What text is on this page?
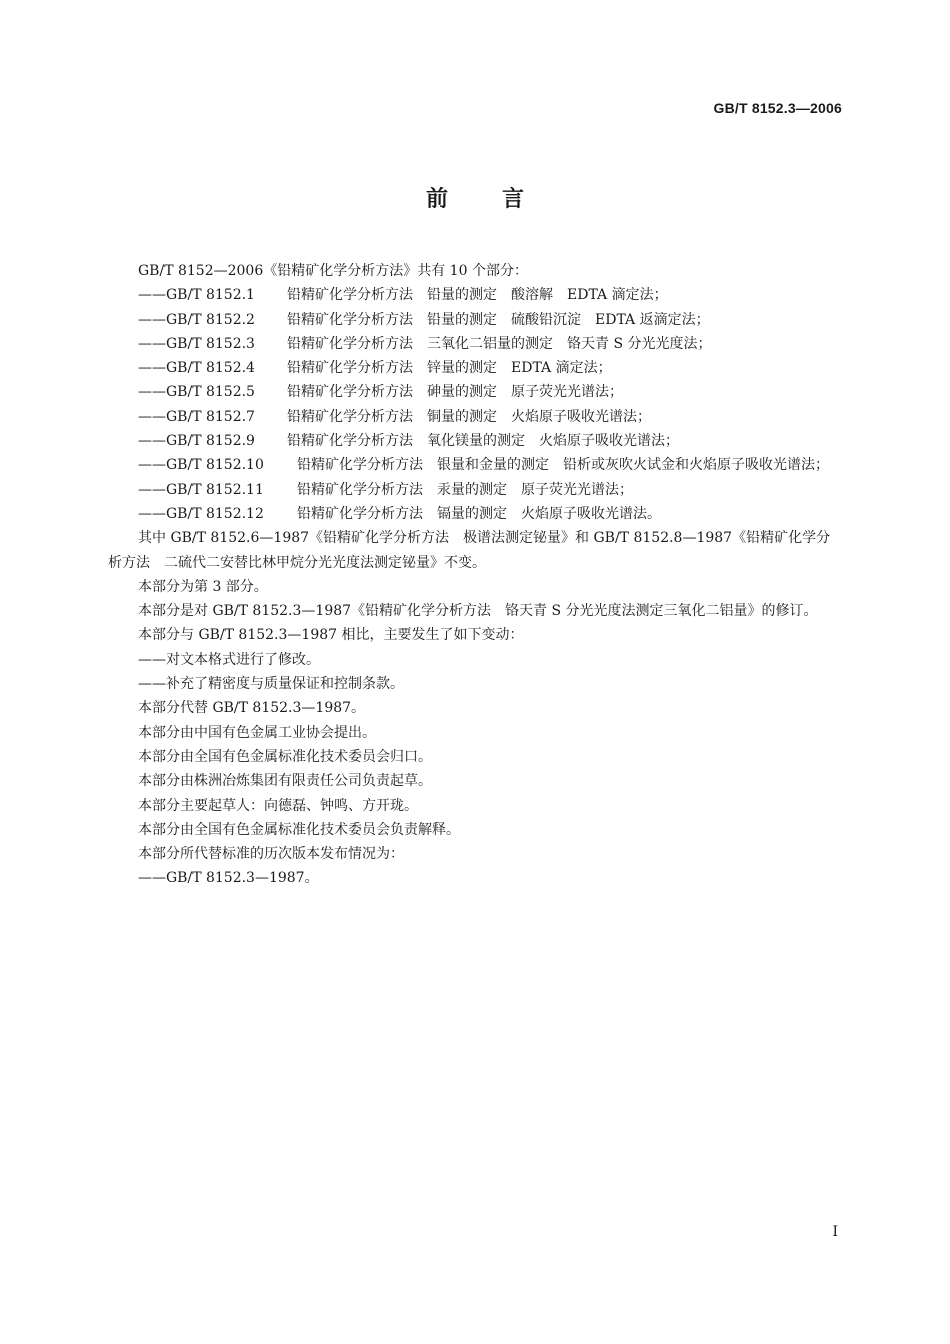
GB/T 8152.3—2006
前 言

GB/T 8152—2006《铅精矿化学分析方法》共有 10 个部分：

——GB/T 8152.1	铅精矿化学分析方法　铅量的测定　酸溶解　EDTA 滴定法；
——GB/T 8152.2	铅精矿化学分析方法　铅量的测定　硫酸铅沉淀　EDTA 返滴定法；
——GB/T 8152.3	铅精矿化学分析方法　三氧化二铝量的测定　铬天青 S 分光光度法；
——GB/T 8152.4	铅精矿化学分析方法　锌量的测定　EDTA 滴定法；
——GB/T 8152.5	铅精矿化学分析方法　砷量的测定　原子荧光光谱法；
——GB/T 8152.7	铅精矿化学分析方法　铜量的测定　火焰原子吸收光谱法；
——GB/T 8152.9	铅精矿化学分析方法　氧化镁量的测定　火焰原子吸收光谱法；
——GB/T 8152.10	铅精矿化学分析方法　银量和金量的测定　铅析或灰吹火试金和火焰原子吸收光谱法；
——GB/T 8152.11	铅精矿化学分析方法　汞量的测定　原子荧光光谱法；
——GB/T 8152.12	铅精矿化学分析方法　镉量的测定　火焰原子吸收光谱法。

其中 GB/T 8152.6—1987《铅精矿化学分析方法　极谱法测定铋量》和 GB/T 8152.8—1987《铅精矿化学分析方法　二硫代二安替比林甲烷分光光度法测定铋量》不变。

本部分为第 3 部分。

本部分是对 GB/T 8152.3—1987《铅精矿化学分析方法　铬天青 S 分光光度法测定三氧化二铝量》的修订。

本部分与 GB/T 8152.3—1987 相比，主要发生了如下变动：

——对文本格式进行了修改。

——补充了精密度与质量保证和控制条款。

本部分代替 GB/T 8152.3—1987。

本部分由中国有色金属工业协会提出。

本部分由全国有色金属标准化技术委员会归口。

本部分由株洲冶炼集团有限责任公司负责起草。

本部分主要起草人：向德磊、钟鸣、方开珑。

本部分由全国有色金属标准化技术委员会负责解释。

本部分所代替标准的历次版本发布情况为：

——GB/T 8152.3—1987。

I
